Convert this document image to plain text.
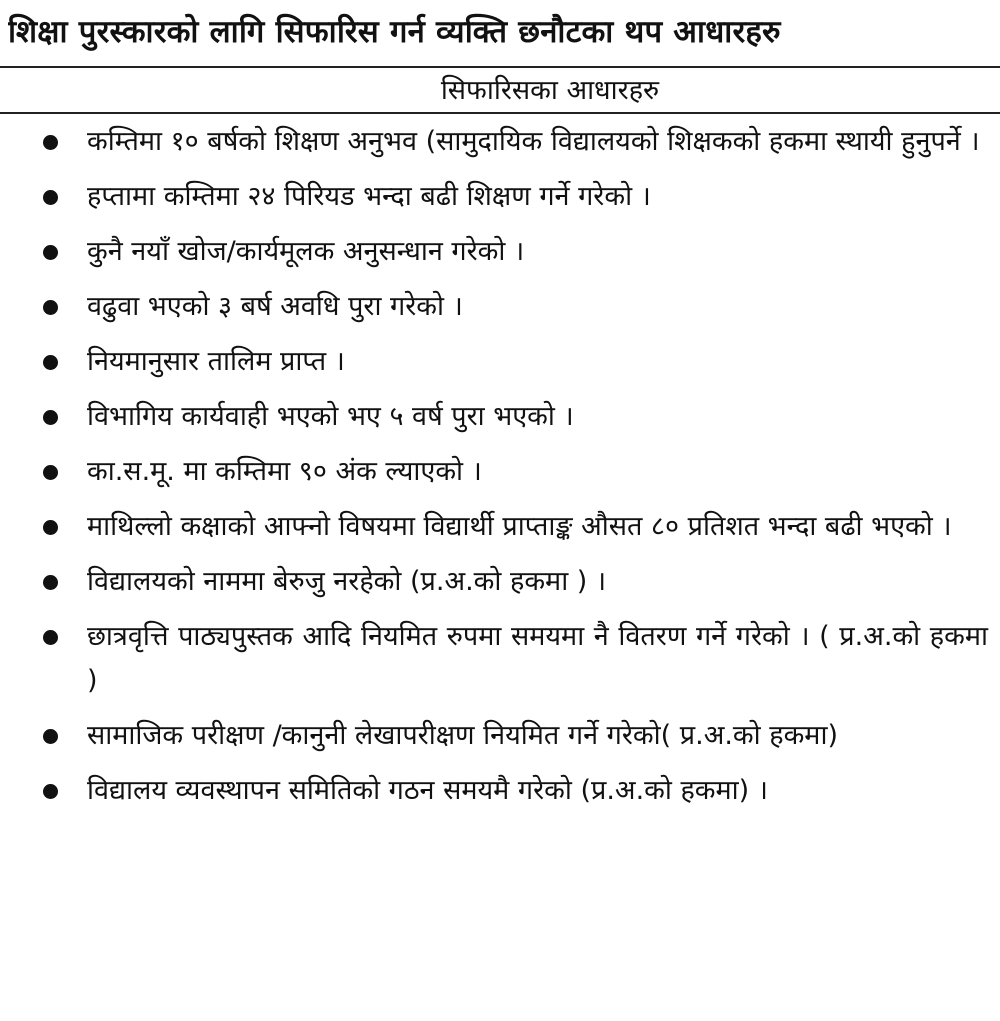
शिक्षा पुरस्कारको लागि सिफारिस गर्न व्यक्ति छनौटका थप आधारहरु
सिफारिसका आधारहरु
कम्तिमा १० बर्षको शिक्षण अनुभव (सामुदायिक विद्यालयको शिक्षकको हकमा स्थायी हुनुपर्ने ।
हप्तामा कम्तिमा २४ पिरियड भन्दा बढी शिक्षण गर्ने गरेको ।
कुनै नयाँ खोज/कार्यमूलक अनुसन्धान गरेको ।
वढुवा भएको ३ बर्ष अवधि पुरा गरेको ।
नियमानुसार तालिम प्राप्त ।
विभागिय कार्यवाही भएको भए ५ वर्ष पुरा भएको ।
का.स.मू. मा कम्तिमा ९० अंक ल्याएको ।
माथिल्लो कक्षाको आफ्नो विषयमा विद्यार्थी प्राप्ताङ्क औसत ८० प्रतिशत भन्दा बढी भएको ।
विद्यालयको नाममा बेरुजु नरहेको (प्र.अ.को हकमा ) ।
छात्रवृत्ति पाठ्यपुस्तक आदि नियमित रुपमा समयमा नै वितरण गर्ने गरेको । ( प्र.अ.को हकमा )
सामाजिक परीक्षण /कानुनी लेखापरीक्षण नियमित गर्ने गरेको( प्र.अ.को हकमा)
विद्यालय व्यवस्थापन समितिको गठन समयमै गरेको (प्र.अ.को हकमा) ।
